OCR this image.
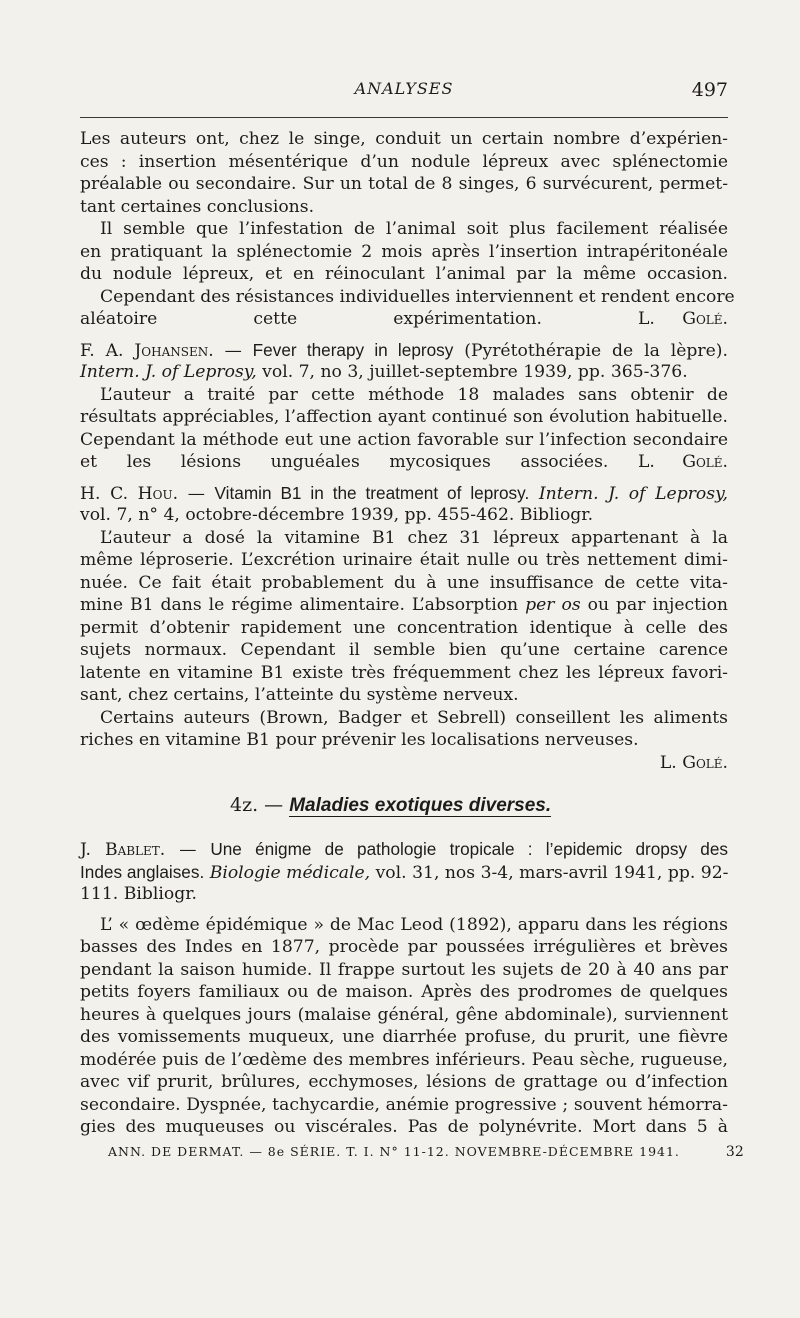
ANALYSES	497
Les auteurs ont, chez le singe, conduit un certain nombre d’expérien-
ces : insertion mésentérique d’un nodule lépreux avec splénectomie
préalable ou secondaire. Sur un total de 8 singes, 6 survécurent, permet-
tant certaines conclusions.
Il semble que l’infestation de l’animal soit plus facilement réalisée
en pratiquant la splénectomie 2 mois après l’insertion intrapéritonéale
du nodule lépreux, et en réinoculant l’animal par la même occasion.
Cependant des résistances individuelles interviennent et rendent encore
aléatoire cette expérimentation.	L. Golé.
F. A. Johansen. — Fever therapy in leprosy (Pyrétothérapie de la lèpre).
Intern. J. of Leprosy, vol. 7, no 3, juillet-septembre 1939, pp. 365-376.
L’auteur a traité par cette méthode 18 malades sans obtenir de
résultats appréciables, l’affection ayant continué son évolution habituelle.
Cependant la méthode eut une action favorable sur l’infection secondaire
et les lésions unguéales mycosiques associées. L. Golé.
H. C. Hou. — Vitamin B1 in the treatment of leprosy. Intern. J. of Leprosy,
vol. 7, n° 4, octobre-décembre 1939, pp. 455-462. Bibliogr.
L’auteur a dosé la vitamine B1 chez 31 lépreux appartenant à la
même léproserie. L’excrétion urinaire était nulle ou très nettement dimi-
nuée. Ce fait était probablement du à une insuffisance de cette vita-
mine B1 dans le régime alimentaire. L’absorption per os ou par injection
permit d’obtenir rapidement une concentration identique à celle des
sujets normaux. Cependant il semble bien qu’une certaine carence
latente en vitamine B1 existe très fréquemment chez les lépreux favori-
sant, chez certains, l’atteinte du système nerveux.
Certains auteurs (Brown, Badger et Sebrell) conseillent les aliments
riches en vitamine B1 pour prévenir les localisations nerveuses.
L. Golé.
4z. — Maladies exotiques diverses.
J. Bablet. — Une énigme de pathologie tropicale : l’epidemic dropsy des
Indes anglaises. Biologie médicale, vol. 31, nos 3-4, mars-avril 1941, pp. 92-
111. Bibliogr.
L’ « œdème épidémique » de Mac Leod (1892), apparu dans les régions
basses des Indes en 1877, procède par poussées irrégulières et brèves
pendant la saison humide. Il frappe surtout les sujets de 20 à 40 ans par
petits foyers familiaux ou de maison. Après des prodromes de quelques
heures à quelques jours (malaise général, gêne abdominale), surviennent
des vomissements muqueux, une diarrhée profuse, du prurit, une fièvre
modérée puis de l’œdème des membres inférieurs. Peau sèche, rugueuse,
avec vif prurit, brûlures, ecchymoses, lésions de grattage ou d’infection
secondaire. Dyspnée, tachycardie, anémie progressive ; souvent hémorra-
gies des muqueuses ou viscérales. Pas de polynévrite. Mort dans 5 à
ANN. DE DERMAT. — 8e SÉRIE. T. I. N° 11-12. NOVEMBRE-DÉCEMBRE 1941.	32
